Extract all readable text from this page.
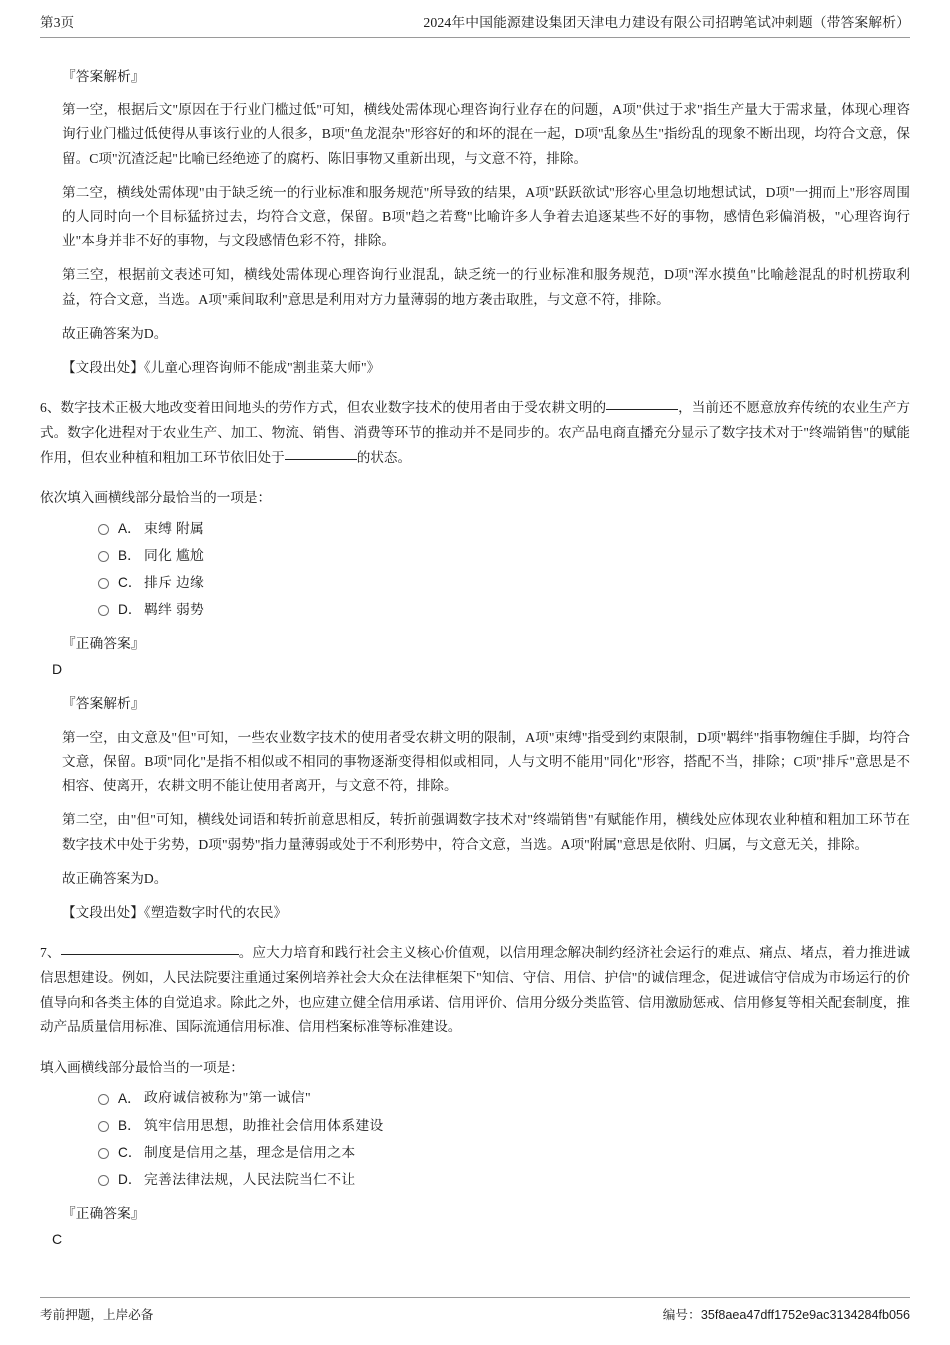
第3页	2024年中国能源建设集团天津电力建设有限公司招聘笔试冲刺题（带答案解析）
『答案解析』

第一空，根据后文"原因在于行业门槛过低"可知，横线处需体现心理咨询行业存在的问题，A项"供过于求"指生产量大于需求量，体现心理咨询行业门槛过低使得从事该行业的人很多，B项"鱼龙混杂"形容好的和坏的混在一起，D项"乱象丛生"指纷乱的现象不断出现，均符合文意，保留。C项"沉渣泛起"比喻已经绝迹了的腐朽、陈旧事物又重新出现，与文意不符，排除。

第二空，横线处需体现"由于缺乏统一的行业标准和服务规范"所导致的结果，A项"跃跃欲试"形容心里急切地想试试，D项"一拥而上"形容周围的人同时向一个目标猛挤过去，均符合文意，保留。B项"趋之若鹜"比喻许多人争着去追逐某些不好的事物，感情色彩偏消极，"心理咨询行业"本身并非不好的事物，与文段感情色彩不符，排除。

第三空，根据前文表述可知，横线处需体现心理咨询行业混乱，缺乏统一的行业标准和服务规范，D项"浑水摸鱼"比喻趁混乱的时机捞取利益，符合文意，当选。A项"乘间取利"意思是利用对方力量薄弱的地方袭击取胜，与文意不符，排除。

故正确答案为D。

【文段出处】《儿童心理咨询师不能成"割韭菜大师"》

6、数字技术正极大地改变着田间地头的劳作方式，但农业数字技术的使用者由于受农耕文明的	，当前还不愿意放弃传统的农业生产方式。数字化进程对于农业生产、加工、物流、销售、消费等环节的推动并不是同步的。农产品电商直播充分显示了数字技术对于"终端销售"的赋能作用，但农业种植和粗加工环节依旧处于	的状态。

依次填入画横线部分最恰当的一项是：

A． 束缚 附属
B． 同化 尴尬
C． 排斥 边缘
D． 羁绊 弱势
『正确答案』
D
『答案解析』

第一空，由文意及"但"可知，一些农业数字技术的使用者受农耕文明的限制，A项"束缚"指受到约束限制，D项"羁绊"指事物缠住手脚，均符合文意，保留。B项"同化"是指不相似或不相同的事物逐渐变得相似或相同，人与文明不能用"同化"形容，搭配不当，排除；C项"排斥"意思是不相容、使离开，农耕文明不能让使用者离开，与文意不符，排除。

第二空，由"但"可知，横线处词语和转折前意思相反，转折前强调数字技术对"终端销售"有赋能作用，横线处应体现农业种植和粗加工环节在数字技术中处于劣势，D项"弱势"指力量薄弱或处于不利形势中，符合文意，当选。A项"附属"意思是依附、归属，与文意无关，排除。

故正确答案为D。

【文段出处】《塑造数字时代的农民》

7、	。应大力培育和践行社会主义核心价值观，以信用理念解决制约经济社会运行的难点、痛点、堵点，着力推进诚信思想建设。例如，人民法院要注重通过案例培养社会大众在法律框架下"知信、守信、用信、护信"的诚信理念，促进诚信守信成为市场运行的价值导向和各类主体的自觉追求。除此之外，也应建立健全信用承诺、信用评价、信用分级分类监管、信用激励惩戒、信用修复等相关配套制度，推动产品质量信用标准、国际流通信用标准、信用档案标准等标准建设。

填入画横线部分最恰当的一项是：

A． 政府诚信被称为"第一诚信"
B． 筑牢信用思想，助推社会信用体系建设
C． 制度是信用之基，理念是信用之本
D． 完善法律法规，人民法院当仁不让
『正确答案』
C
考前押题，上岸必备	编号：35f8aea47dff1752e9ac3134284fb056
